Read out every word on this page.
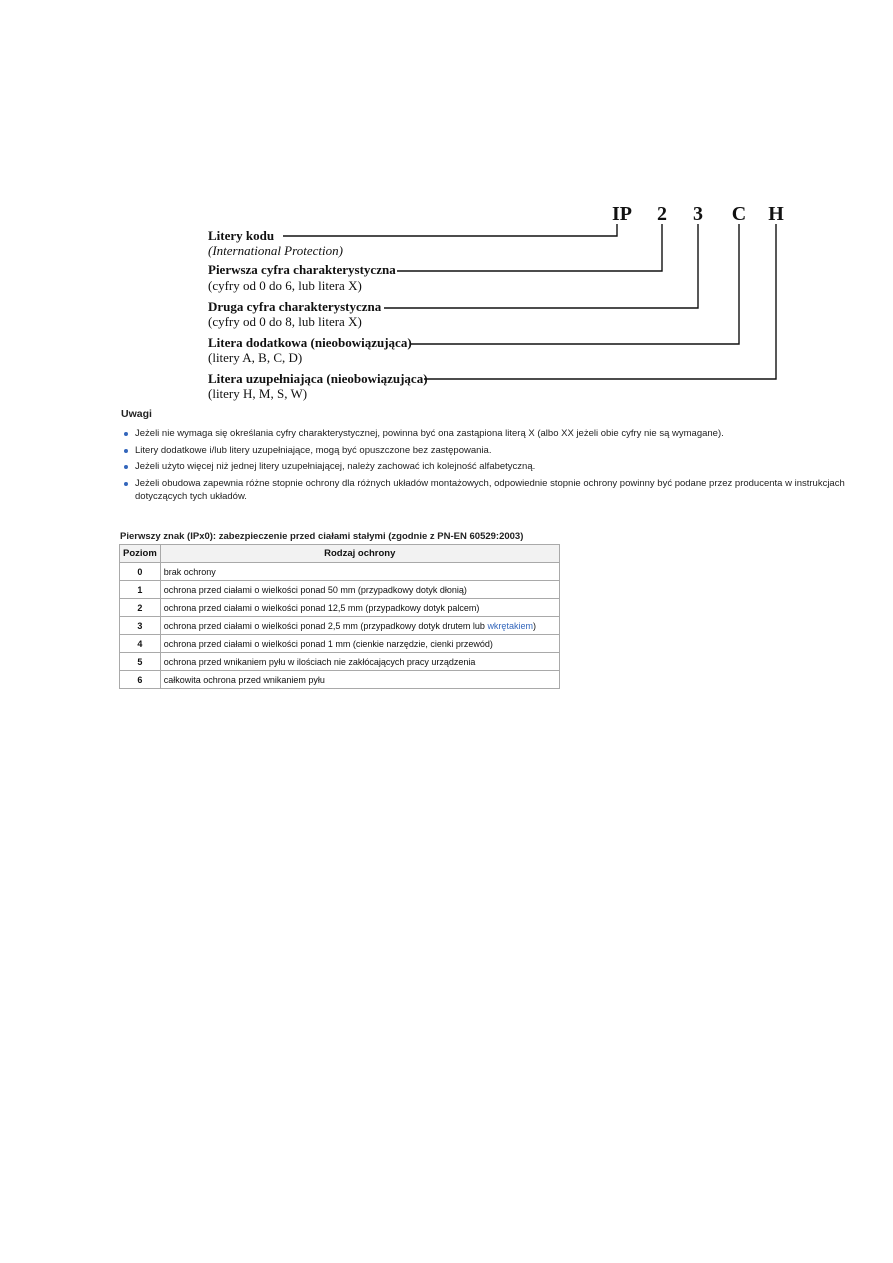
IP 2 3 C H
Litery kodu
(International Protection)
Pierwsza cyfra charakterystyczna
(cyfry od 0 do 6, lub litera X)
Druga cyfra charakterystyczna
(cyfry od 0 do 8, lub litera X)
Litera dodatkowa (nieobowiązująca)
(litery A, B, C, D)
Litera uzupełniająca (nieobowiązująca)
(litery H, M, S, W)
Uwagi
Jeżeli nie wymaga się określania cyfry charakterystycznej, powinna być ona zastąpiona literą X (albo XX jeżeli obie cyfry nie są wymagane).
Litery dodatkowe i/lub litery uzupełniające, mogą być opuszczone bez zastępowania.
Jeżeli użyto więcej niż jednej litery uzupełniającej, należy zachować ich kolejność alfabetyczną.
Jeżeli obudowa zapewnia różne stopnie ochrony dla różnych układów montażowych, odpowiednie stopnie ochrony powinny być podane przez producenta w instrukcjach dotyczących tych układów.
Pierwszy znak (IPx0): zabezpieczenie przed ciałami stałymi (zgodnie z PN-EN 60529:2003)
Poziom	Rodzaj ochrony
0	brak ochrony
1	ochrona przed ciałami o wielkości ponad 50 mm (przypadkowy dotyk dłonią)
2	ochrona przed ciałami o wielkości ponad 12,5 mm (przypadkowy dotyk palcem)
3	ochrona przed ciałami o wielkości ponad 2,5 mm (przypadkowy dotyk drutem lub wkrętakiem)
4	ochrona przed ciałami o wielkości ponad 1 mm (cienkie narzędzie, cienki przewód)
5	ochrona przed wnikaniem pyłu w ilościach nie zakłócających pracy urządzenia
6	całkowita ochrona przed wnikaniem pyłu
